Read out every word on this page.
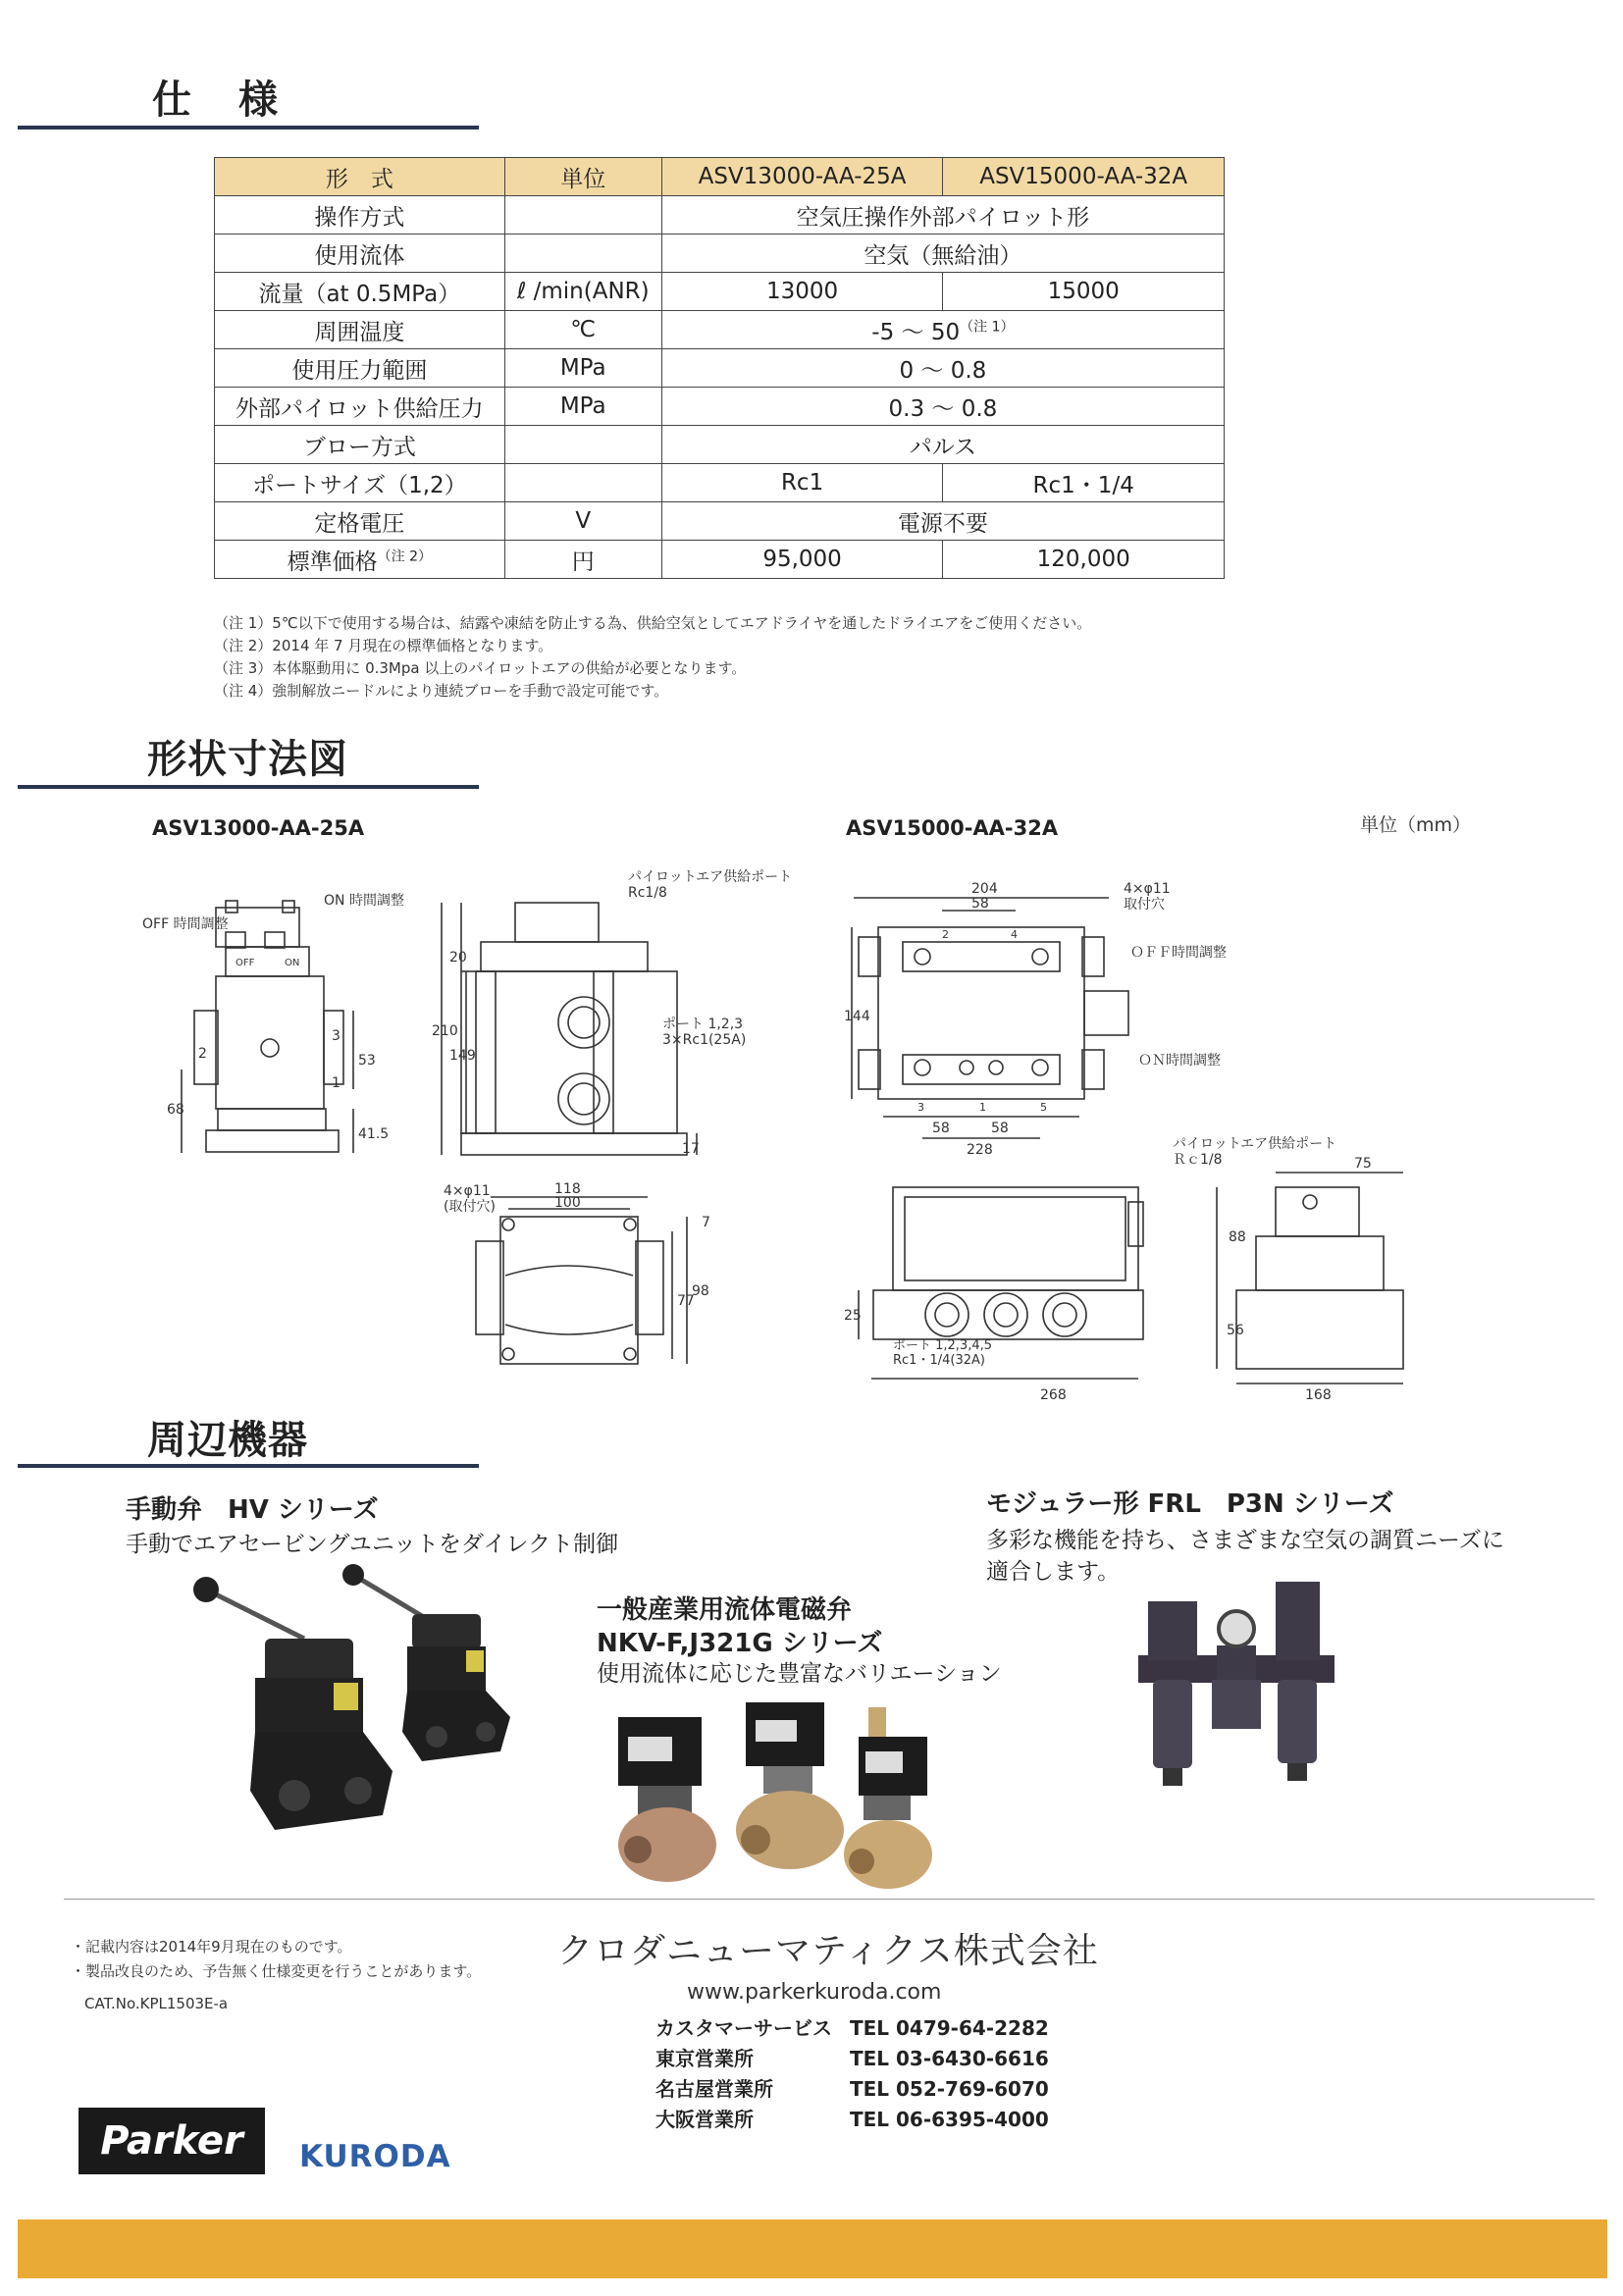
仕　様
形　式	単位	ASV13000-AA-25A	ASV15000-AA-32A
操作方式		空気圧操作外部パイロット形	
使用流体		空気（無給油）	
流量（at 0.5MPa）	ℓ /min(ANR)	13000	15000
周囲温度	℃	-5 ～ $50^{(注 1)}$
使用圧力範囲	MPa	0 ～ 0.8	
外部パイロット供給圧力	MPa	0.3 ～ 0.8	
ブロー方式		パルス	
ポートサイズ（1,2）		Rc1	Rc1・1/4
定格電圧	V	電源不要	
標準価格$^{(注 2)}$	円	95,000	120,000
（注 1）5℃以下で使用する場合は、結露や凍結を防止する為、供給空気としてエアドライヤを通したドライエアをご使用ください。
（注 2）2014 年 7 月現在の標準価格となります。
（注 3）本体駆動用に 0.3Mpa 以上のパイロットエアの供給が必要となります。
（注 4）強制解放ニードルにより連続ブローを手動で設定可能です。
形状寸法図
ASV13000-AA-25A	ASV15000-AA-32A	単位（mm）
OFF 時間調整
ON 時間調整
OFF	ON
パイロットエア供給ポート
Rc1/8
ポート 1,2,3
3×Rc1(25A)
4×φ11
(取付穴)
210
20
149
17
68
53
41.5
118
100
7
77
98
2
3
1
204
58
4×φ11
取付穴
ＯＦＦ時間調整
ＯＮ時間調整
144
58	58
228
3	1	5
2	4
パイロットエア供給ポート
Ｒｃ1/8	75
88
56
168
25
ポート 1,2,3,4,5
Rc1・1/4(32A)
268
周辺機器
手動弁　HV シリーズ
手動でエアセービングユニットをダイレクト制御
一般産業用流体電磁弁
NKV-F,J321G シリーズ
使用流体に応じた豊富なバリエーション
モジュラー形 FRL　P3N シリーズ
多彩な機能を持ち、さまざまな空気の調質ニーズに
適合します。
・記載内容は2014年9月現在のものです。
・製品改良のため、予告無く仕様変更を行うことがあります。
CAT.No.KPL1503E-a
クロダニューマティクス株式会社
www.parkerkuroda.com
カスタマーサービス TEL 0479-64-2282
東京営業所	TEL 03-6430-6616
名古屋営業所	TEL 052-769-6070
大阪営業所	TEL 06-6395-4000
Parker	KURODA
